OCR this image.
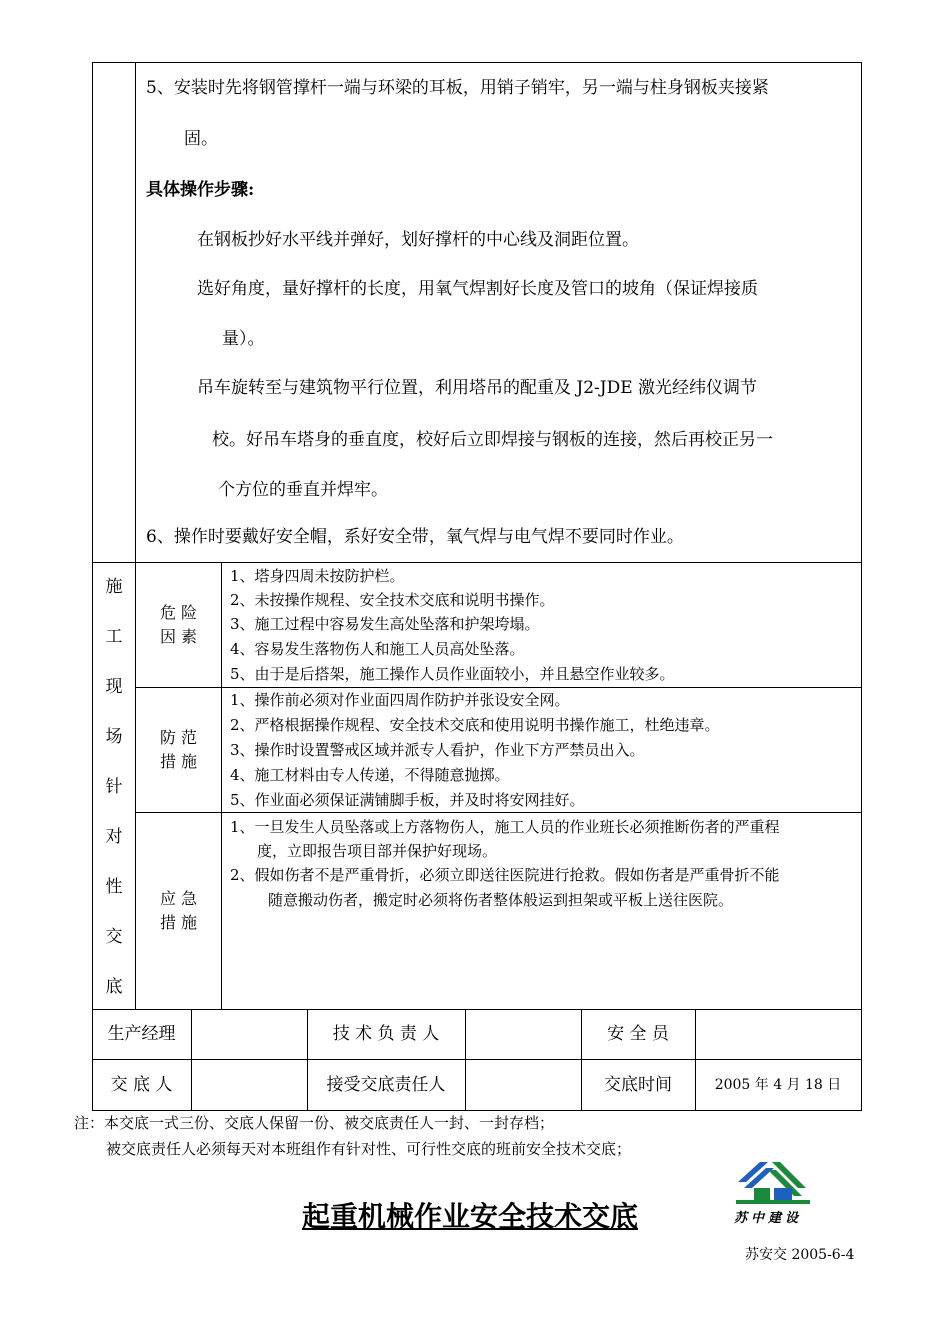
5、安装时先将钢管撑杆一端与环梁的耳板，用销子销牢，另一端与柱身钢板夹接紧
固。
具体操作步骤:
在钢板抄好水平线并弹好，划好撑杆的中心线及洞距位置。
选好角度，量好撑杆的长度，用氧气焊割好长度及管口的坡角（保证焊接质
量）。
吊车旋转至与建筑物平行位置，利用塔吊的配重及 J2-JDE 激光经纬仪调节
校。好吊车塔身的垂直度，校好后立即焊接与钢板的连接，然后再校正另一
个方位的垂直并焊牢。
6、操作时要戴好安全帽，系好安全带，氧气焊与电气焊不要同时作业。
施
工
现
场
针
对
性
交
底
危 险
因 素
1、塔身四周未按防护栏。
2、未按操作规程、安全技术交底和说明书操作。
3、施工过程中容易发生高处坠落和护架垮塌。
4、容易发生落物伤人和施工人员高处坠落。
5、由于是后搭架，施工操作人员作业面较小，并且悬空作业较多。
防 范
措 施
1、操作前必须对作业面四周作防护并张设安全网。
2、严格根据操作规程、安全技术交底和使用说明书操作施工，杜绝违章。
3、操作时设置警戒区域并派专人看护，作业下方严禁员出入。
4、施工材料由专人传递，不得随意抛掷。
5、作业面必须保证满铺脚手板，并及时将安网挂好。
应 急
措 施
1、一旦发生人员坠落或上方落物伤人，施工人员的作业班长必须推断伤者的严重程
度，立即报告项目部并保护好现场。
2、假如伤者不是严重骨折，必须立即送往医院进行抢救。假如伤者是严重骨折不能
随意搬动伤者，搬定时必须将伤者整体般运到担架或平板上送往医院。
生产经理	技 术 负 责 人	安 全 员
交 底 人	接受交底责任人	交底时间	2005 年 4 月 18 日
注：本交底一式三份、交底人保留一份、被交底责任人一封、一封存档；
被交底责任人必须每天对本班组作有针对性、可行性交底的班前安全技术交底；
起重机械作业安全技术交底	苏中建设
苏安交 2005-6-4
